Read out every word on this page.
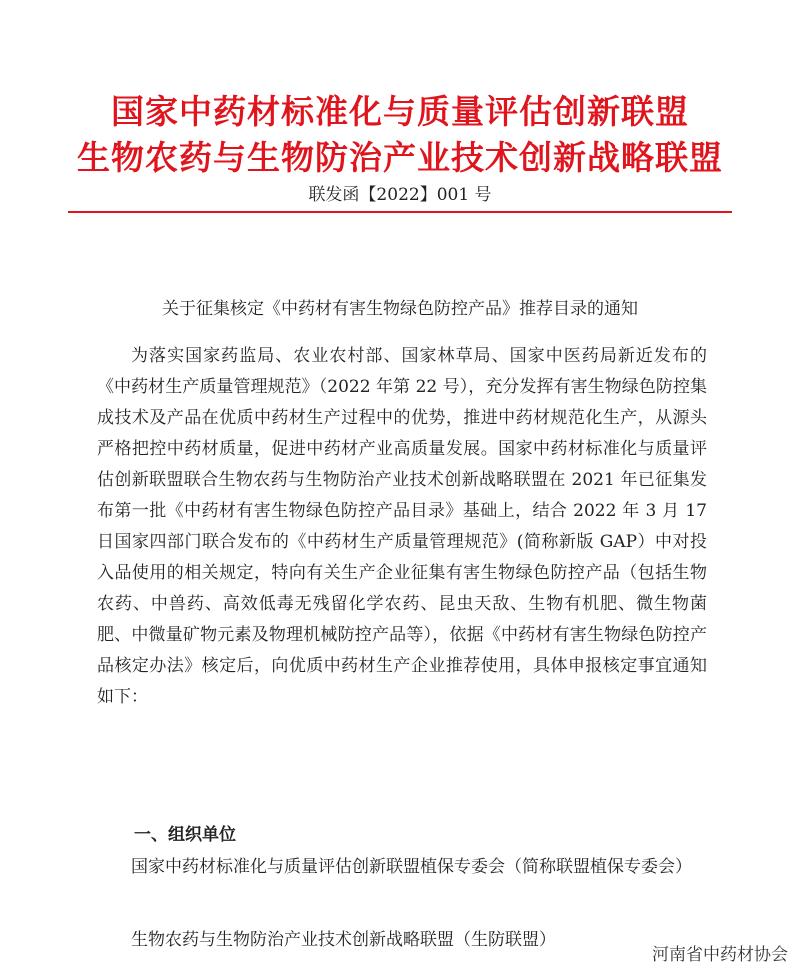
国家中药材标准化与质量评估创新联盟
生物农药与生物防治产业技术创新战略联盟
联发函【2022】001 号
关于征集核定《中药材有害生物绿色防控产品》推荐目录的通知
为落实国家药监局、农业农村部、国家林草局、国家中医药局新近发布的《中药材生产质量管理规范》（2022 年第 22 号），充分发挥有害生物绿色防控集成技术及产品在优质中药材生产过程中的优势，推进中药材规范化生产，从源头严格把控中药材质量，促进中药材产业高质量发展。国家中药材标准化与质量评估创新联盟联合生物农药与生物防治产业技术创新战略联盟在 2021 年已征集发布第一批《中药材有害生物绿色防控产品目录》基础上，结合 2022 年 3 月 17 日国家四部门联合发布的《中药材生产质量管理规范》(简称新版 GAP）中对投入品使用的相关规定，特向有关生产企业征集有害生物绿色防控产品（包括生物农药、中兽药、高效低毒无残留化学农药、昆虫天敌、生物有机肥、微生物菌肥、中微量矿物元素及物理机械防控产品等），依据《中药材有害生物绿色防控产品核定办法》核定后，向优质中药材生产企业推荐使用，具体申报核定事宜通知如下：
一、组织单位
国家中药材标准化与质量评估创新联盟植保专委会（简称联盟植保专委会）
生物农药与生物防治产业技术创新战略联盟（生防联盟）
河南省中药材协会
